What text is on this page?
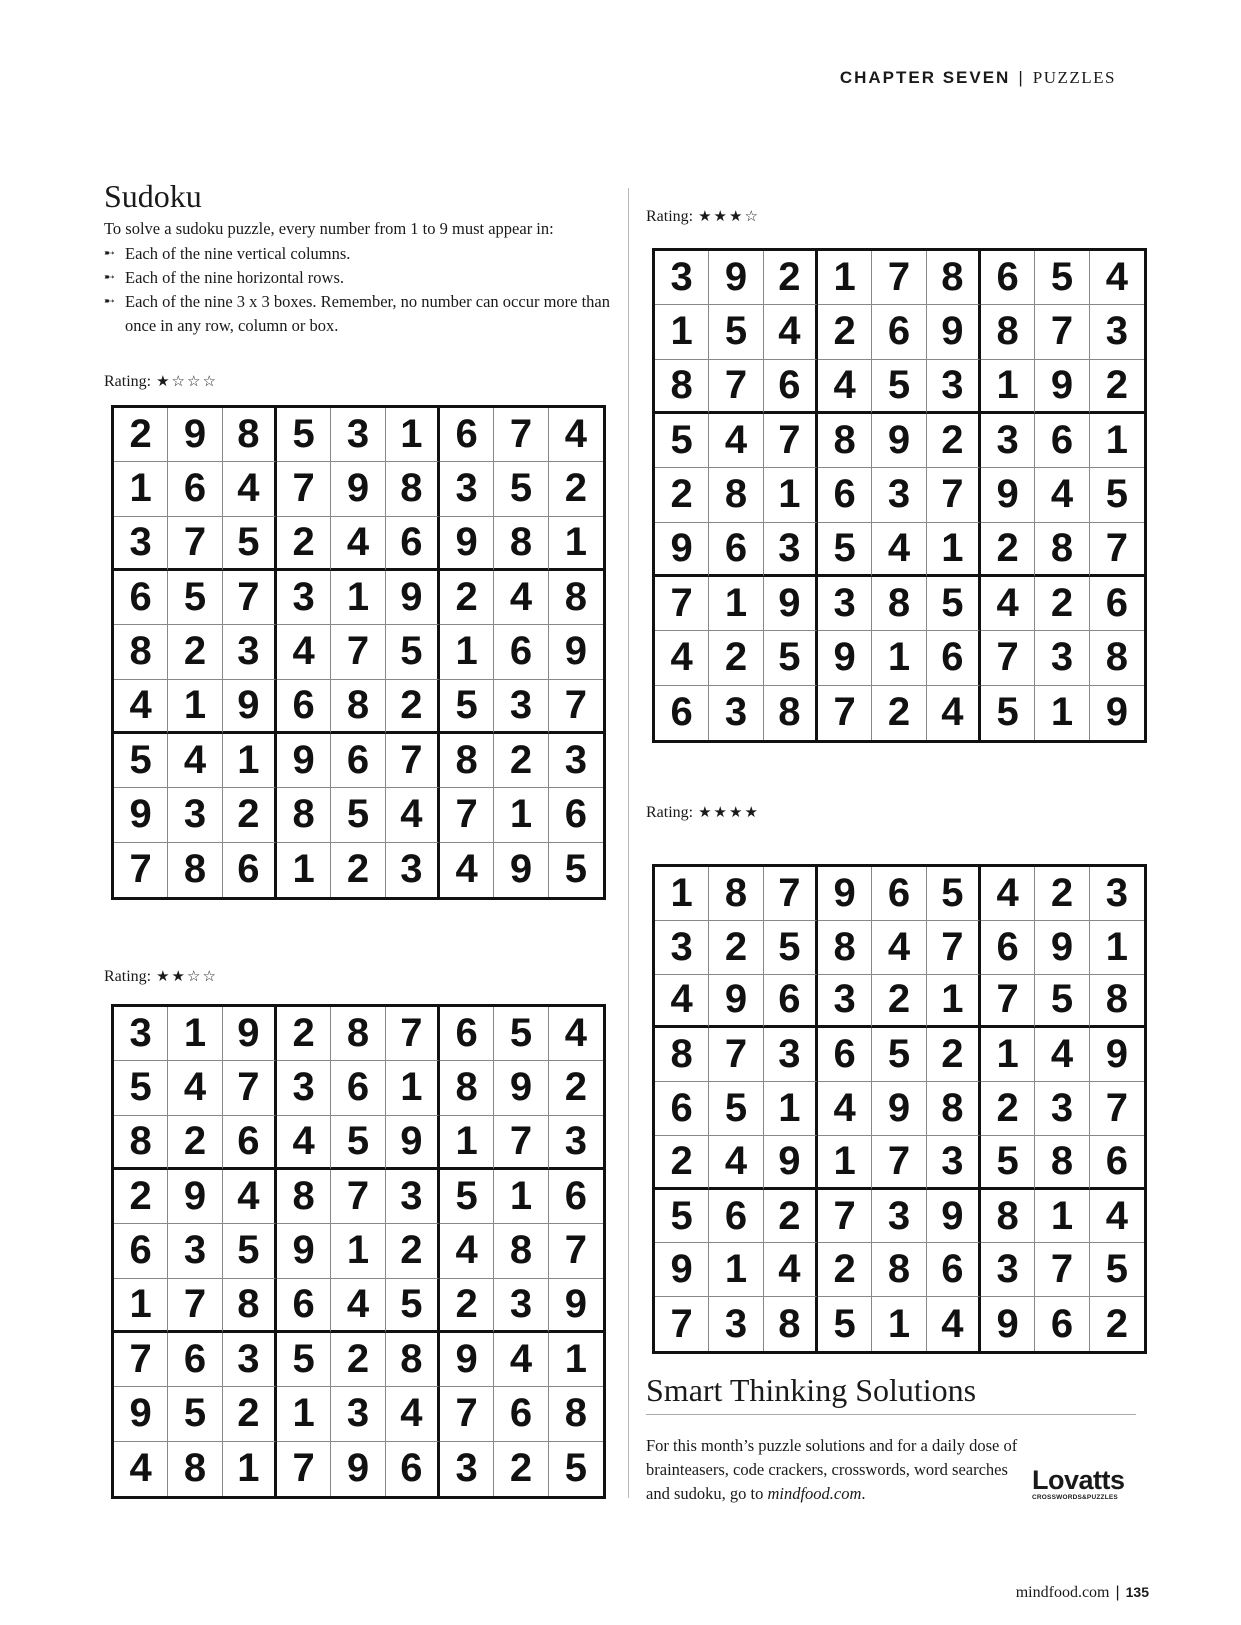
CHAPTER SEVEN | PUZZLES
Sudoku

To solve a sudoku puzzle, every number from 1 to 9 must appear in:

➸ Each of the nine vertical columns.
➸ Each of the nine horizontal rows.
➸ Each of the nine 3 x 3 boxes. Remember, no number can occur more than once in any row, column or box.
Rating: ★☆☆☆
2 9 8 5 3 1 6 7 4
1 6 4 7 9 8 3 5 2
3 7 5 2 4 6 9 8 1
6 5 7 3 1 9 2 4 8
8 2 3 4 7 5 1 6 9
4 1 9 6 8 2 5 3 7
5 4 1 9 6 7 8 2 3
9 3 2 8 5 4 7 1 6
7 8 6 1 2 3 4 9 5
Rating: ★★☆☆
3 1 9 2 8 7 6 5 4
5 4 7 3 6 1 8 9 2
8 2 6 4 5 9 1 7 3
2 9 4 8 7 3 5 1 6
6 3 5 9 1 2 4 8 7
1 7 8 6 4 5 2 3 9
7 6 3 5 2 8 9 4 1
9 5 2 1 3 4 7 6 8
4 8 1 7 9 6 3 2 5
Rating: ★★★☆
3 9 2 1 7 8 6 5 4
1 5 4 2 6 9 8 7 3
8 7 6 4 5 3 1 9 2
5 4 7 8 9 2 3 6 1
2 8 1 6 3 7 9 4 5
9 6 3 5 4 1 2 8 7
7 1 9 3 8 5 4 2 6
4 2 5 9 1 6 7 3 8
6 3 8 7 2 4 5 1 9
Rating: ★★★★
1 8 7 9 6 5 4 2 3
3 2 5 8 4 7 6 9 1
4 9 6 3 2 1 7 5 8
8 7 3 6 5 2 1 4 9
6 5 1 4 9 8 2 3 7
2 4 9 1 7 3 5 8 6
5 6 2 7 3 9 8 1 4
9 1 4 2 8 6 3 7 5
7 3 8 5 1 4 9 6 2
Smart Thinking Solutions

For this month’s puzzle solutions and for a daily dose of brainteasers, code crackers, crosswords, word searches and sudoku, go to mindfood.com.	Lovatts
CROSSWORDS&PUZZLES
mindfood.com | 135
